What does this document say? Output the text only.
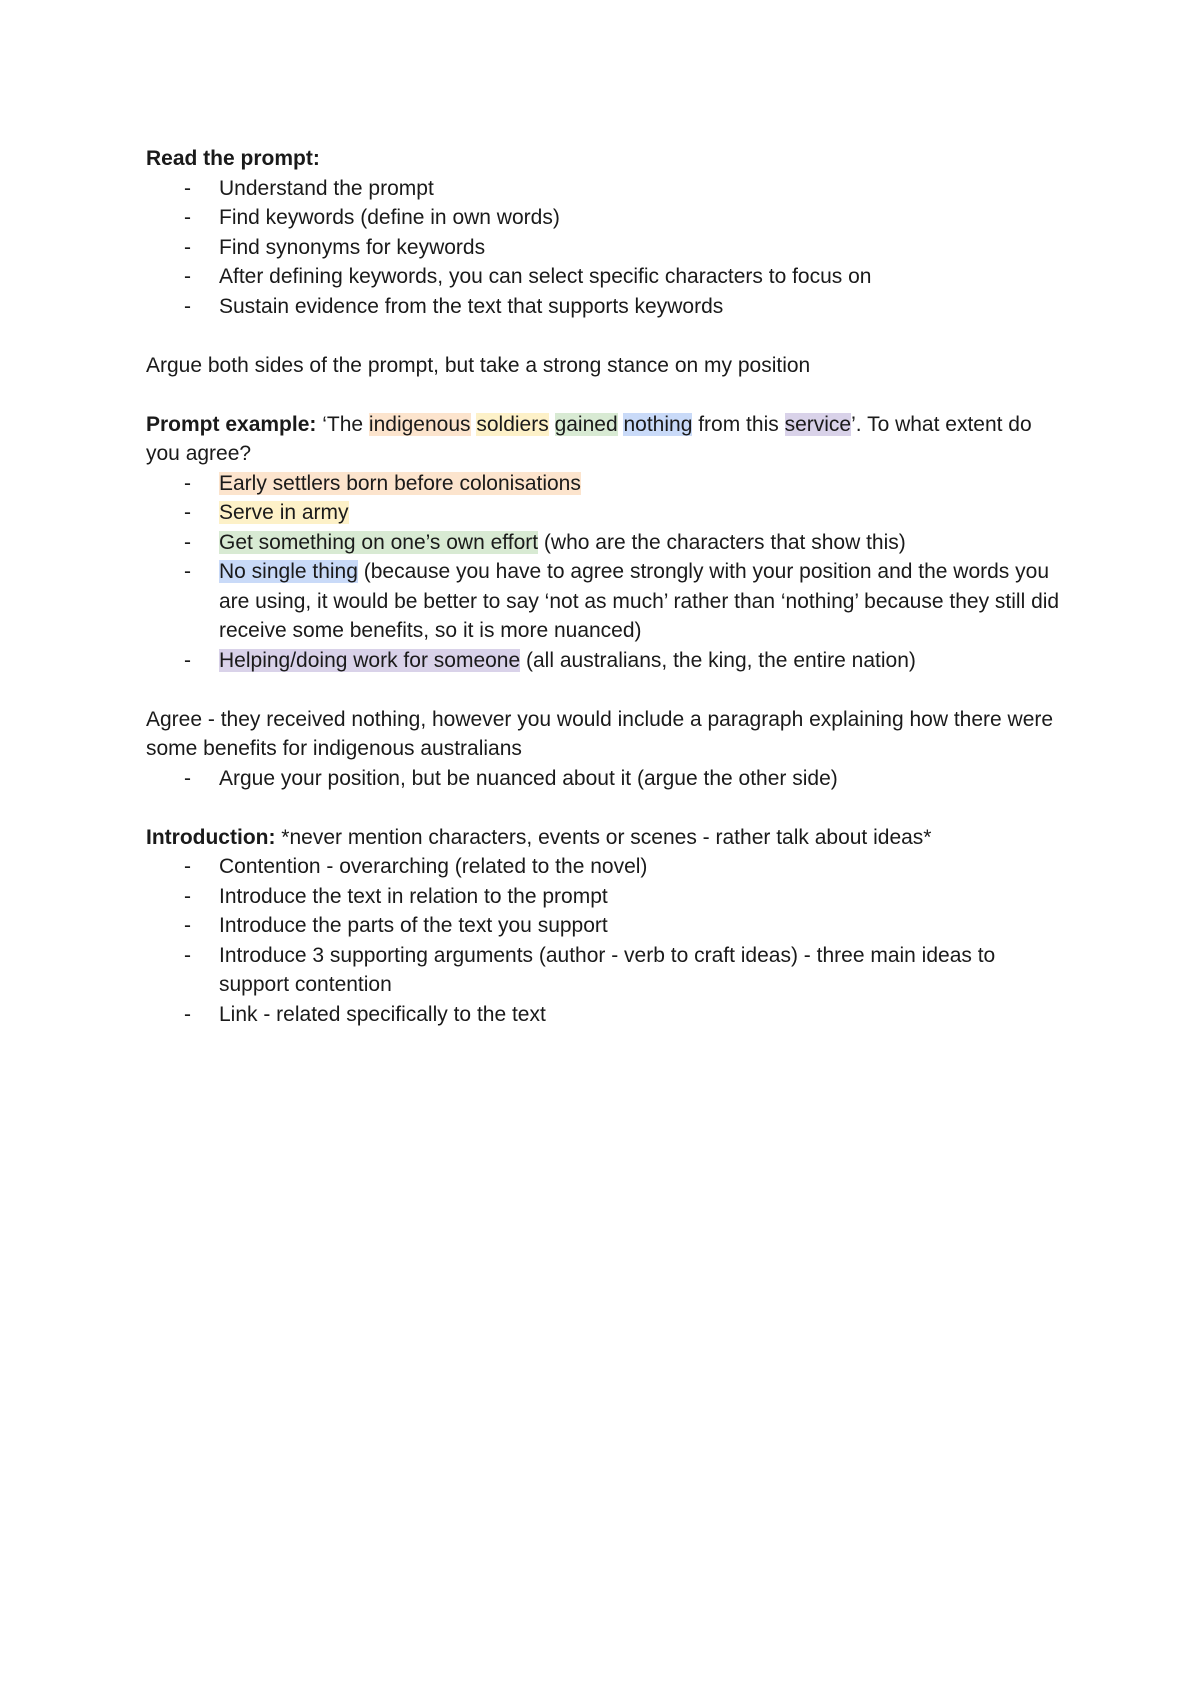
Read the prompt:

- Understand the prompt
- Find keywords (define in own words)
- Find synonyms for keywords
- After defining keywords, you can select specific characters to focus on
- Sustain evidence from the text that supports keywords

Argue both sides of the prompt, but take a strong stance on my position

Prompt example: ‘The indigenous soldiers gained nothing from this service’. To what extent do you agree?

- Early settlers born before colonisations
- Serve in army
- Get something on one’s own effort (who are the characters that show this)
- No single thing (because you have to agree strongly with your position and the words you are using, it would be better to say ‘not as much’ rather than ‘nothing’ because they still did receive some benefits, so it is more nuanced)
- Helping/doing work for someone (all australians, the king, the entire nation)

Agree - they received nothing, however you would include a paragraph explaining how there were some benefits for indigenous australians

- Argue your position, but be nuanced about it (argue the other side)

Introduction: *never mention characters, events or scenes - rather talk about ideas*

- Contention - overarching (related to the novel)
- Introduce the text in relation to the prompt
- Introduce the parts of the text you support
- Introduce 3 supporting arguments (author - verb to craft ideas) - three main ideas to support contention
- Link - related specifically to the text
